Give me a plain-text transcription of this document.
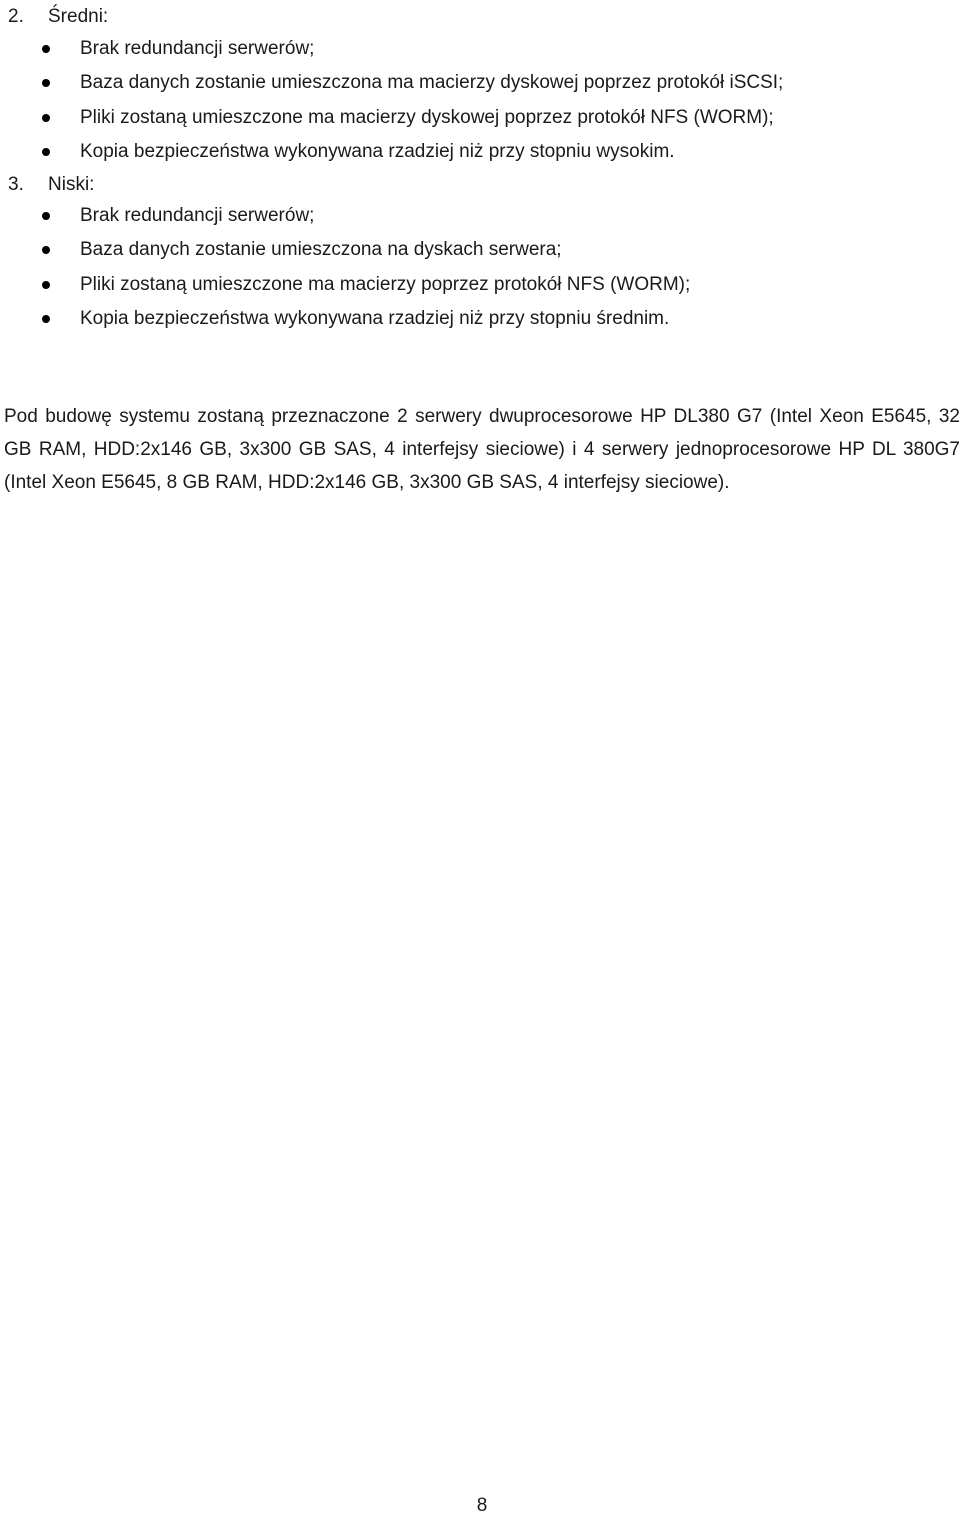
2. Średni:
Brak redundancji serwerów;
Baza danych zostanie umieszczona ma macierzy dyskowej poprzez protokół iSCSI;
Pliki zostaną umieszczone ma macierzy dyskowej poprzez protokół NFS (WORM);
Kopia bezpieczeństwa wykonywana rzadziej niż przy stopniu wysokim.
3. Niski:
Brak redundancji serwerów;
Baza danych zostanie umieszczona na dyskach serwera;
Pliki zostaną umieszczone ma macierzy poprzez protokół NFS (WORM);
Kopia bezpieczeństwa wykonywana rzadziej niż przy stopniu średnim.

Pod budowę systemu zostaną przeznaczone 2 serwery dwuprocesorowe HP DL380 G7 (Intel Xeon E5645, 32 GB RAM, HDD:2x146 GB, 3x300 GB SAS, 4 interfejsy sieciowe) i 4 serwery jednoprocesorowe HP DL 380G7 (Intel Xeon E5645, 8 GB RAM, HDD:2x146 GB, 3x300 GB SAS, 4 interfejsy sieciowe).

8
